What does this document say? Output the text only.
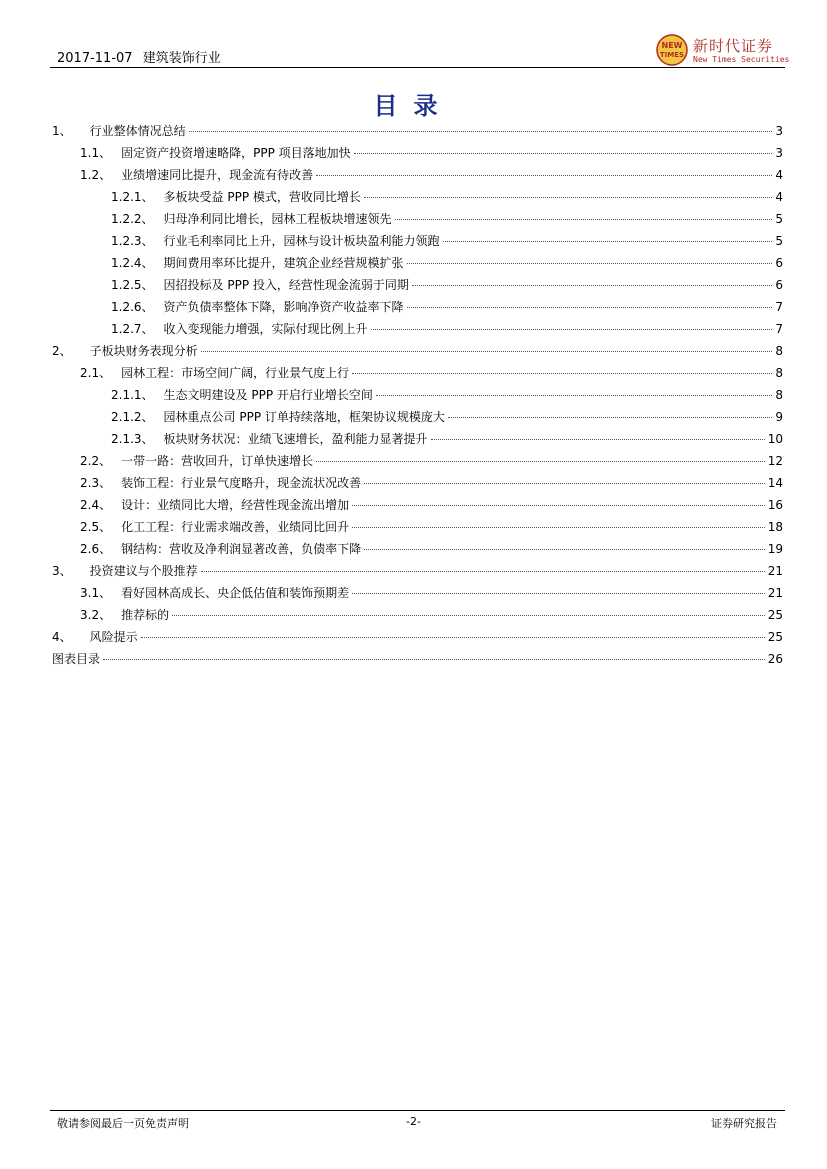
2017-11-07 建筑装饰行业
NEW
TIMES 新时代证券
New Times Securities
目录
1、 行业整体情况总结	3
1.1、 固定资产投资增速略降，PPP 项目落地加快	3
1.2、 业绩增速同比提升，现金流有待改善	4
1.2.1、 多板块受益 PPP 模式，营收同比增长	4
1.2.2、 归母净利同比增长，园林工程板块增速领先	5
1.2.3、 行业毛利率同比上升，园林与设计板块盈利能力领跑	5
1.2.4、 期间费用率环比提升，建筑企业经营规模扩张	6
1.2.5、 因招投标及 PPP 投入，经营性现金流弱于同期	6
1.2.6、 资产负债率整体下降，影响净资产收益率下降	7
1.2.7、 收入变现能力增强，实际付现比例上升	7
2、 子板块财务表现分析	8
2.1、 园林工程：市场空间广阔，行业景气度上行	8
2.1.1、 生态文明建设及 PPP 开启行业增长空间	8
2.1.2、 园林重点公司 PPP 订单持续落地，框架协议规模庞大	9
2.1.3、 板块财务状况：业绩飞速增长，盈利能力显著提升	10
2.2、 一带一路：营收回升，订单快速增长	12
2.3、 装饰工程：行业景气度略升，现金流状况改善	14
2.4、 设计：业绩同比大增，经营性现金流出增加	16
2.5、 化工工程：行业需求端改善，业绩同比回升	18
2.6、 钢结构：营收及净利润显著改善，负债率下降	19
3、 投资建议与个股推荐	21
3.1、 看好园林高成长、央企低估值和装饰预期差	21
3.2、 推荐标的	25
4、 风险提示	25
图表目录	26
敬请参阅最后一页免责声明	-2-	证券研究报告
